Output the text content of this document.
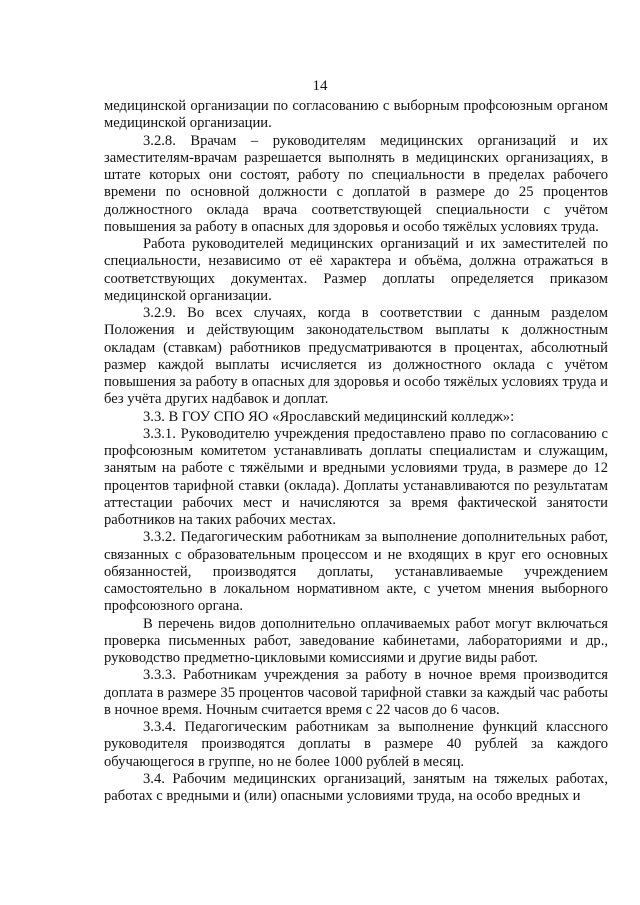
14

медицинской организации по согласованию с выборным профсоюзным органом медицинской организации.

3.2.8. Врачам – руководителям медицинских организаций и их заместителям-врачам разрешается выполнять в медицинских организациях, в штате которых они состоят, работу по специальности в пределах рабочего времени по основной должности с доплатой в размере до 25 процентов должностного оклада врача соответствующей специальности с учётом повышения за работу в опасных для здоровья и особо тяжёлых условиях труда.

Работа руководителей медицинских организаций и их заместителей по специальности, независимо от её характера и объёма, должна отражаться в соответствующих документах. Размер доплаты определяется приказом медицинской организации.

3.2.9. Во всех случаях, когда в соответствии с данным разделом Положения и действующим законодательством выплаты к должностным окладам (ставкам) работников предусматриваются в процентах, абсолютный размер каждой выплаты исчисляется из должностного оклада с учётом повышения за работу в опасных для здоровья и особо тяжёлых условиях труда и без учёта других надбавок и доплат.

3.3. В ГОУ СПО ЯО «Ярославский медицинский колледж»:

3.3.1. Руководителю учреждения предоставлено право по согласованию с профсоюзным комитетом устанавливать доплаты специалистам и служащим, занятым на работе с тяжёлыми и вредными условиями труда, в размере до 12 процентов тарифной ставки (оклада). Доплаты устанавливаются по результатам аттестации рабочих мест и начисляются за время фактической занятости работников на таких рабочих местах.

3.3.2. Педагогическим работникам за выполнение дополнительных работ, связанных с образовательным процессом и не входящих в круг его основных обязанностей, производятся доплаты, устанавливаемые учреждением самостоятельно в локальном нормативном акте, с учетом мнения выборного профсоюзного органа.

В перечень видов дополнительно оплачиваемых работ могут включаться проверка письменных работ, заведование кабинетами, лабораториями и др., руководство предметно-цикловыми комиссиями и другие виды работ.

3.3.3. Работникам учреждения за работу в ночное время производится доплата в размере 35 процентов часовой тарифной ставки за каждый час работы в ночное время. Ночным считается время с 22 часов до 6 часов.

3.3.4. Педагогическим работникам за выполнение функций классного руководителя производятся доплаты в размере 40 рублей за каждого обучающегося в группе, но не более 1000 рублей в месяц.

3.4. Рабочим медицинских организаций, занятым на тяжелых работах, работах с вредными и (или) опасными условиями труда, на особо вредных и
